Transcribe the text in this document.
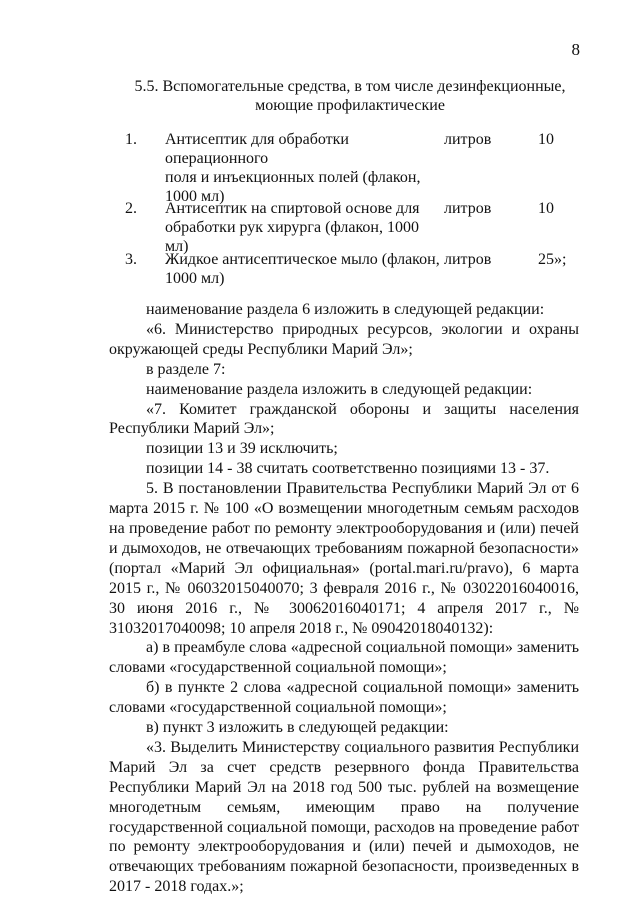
8
5.5. Вспомогательные средства, в том числе дезинфекционные,
моющие профилактические
1. Антисептик для обработки операционного
поля и инъекционных полей (флакон,
1000 мл)
литров	10
2. Антисептик на спиртовой основе для
обработки рук хирурга (флакон, 1000 мл)
литров	10
3. Жидкое антисептическое мыло (флакон,
1000 мл)
литров	25»;

наименование раздела 6 изложить в следующей редакции:

«6. Министерство природных ресурсов, экологии и охраны окружающей среды Республики Марий Эл»;

в разделе 7:

наименование раздела изложить в следующей редакции:

«7. Комитет гражданской обороны и защиты населения Республики Марий Эл»;

позиции 13 и 39 исключить;

позиции 14 - 38 считать соответственно позициями 13 - 37.

5. В постановлении Правительства Республики Марий Эл от 6 марта 2015 г. № 100 «О возмещении многодетным семьям расходов на проведение работ по ремонту электрооборудования и (или) печей и дымоходов, не отвечающих требованиям пожарной безопасности» (портал «Марий Эл официальная» (portal.mari.ru/pravo), 6 марта 2015 г., № 06032015040070; 3 февраля 2016 г., № 03022016040016, 30 июня 2016 г., № 30062016040171; 4 апреля 2017 г., № 31032017040098; 10 апреля 2018 г., № 09042018040132):

а) в преамбуле слова «адресной социальной помощи» заменить словами «государственной социальной помощи»;

б) в пункте 2 слова «адресной социальной помощи» заменить словами «государственной социальной помощи»;

в) пункт 3 изложить в следующей редакции:

«3. Выделить Министерству социального развития Республики Марий Эл за счет средств резервного фонда Правительства Республики Марий Эл на 2018 год 500 тыс. рублей на возмещение многодетным семьям, имеющим право на получение государственной социальной помощи, расходов на проведение работ по ремонту электрооборудования и (или) печей и дымоходов, не отвечающих требованиям пожарной безопасности, произведенных в 2017 - 2018 годах.»;
